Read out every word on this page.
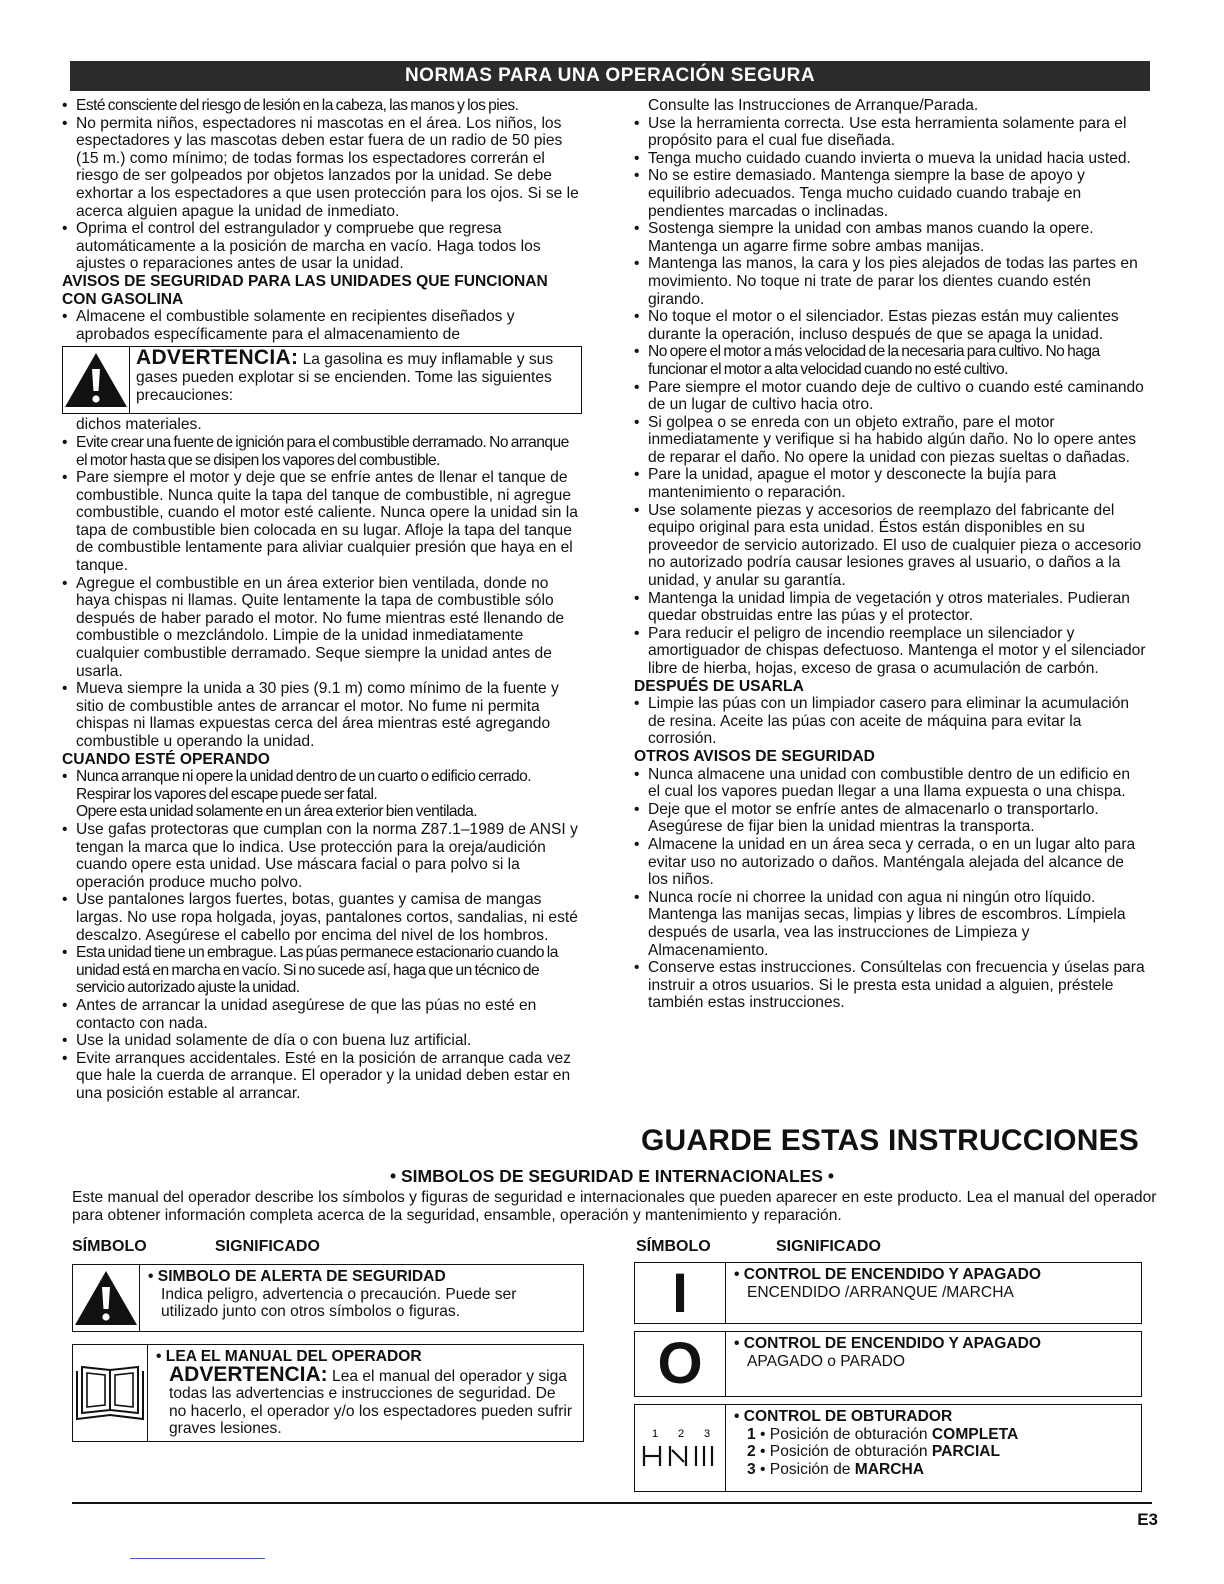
NORMAS PARA UNA OPERACIÓN SEGURA

• Esté consciente del riesgo de lesión en la cabeza, las manos y los pies.

• No permita niños, espectadores ni mascotas en el área. Los niños, los espectadores y las mascotas deben estar fuera de un radio de 50 pies (15 m.) como mínimo; de todas formas los espectadores correrán el riesgo de ser golpeados por objetos lanzados por la unidad. Se debe exhortar a los espectadores a que usen protección para los ojos. Si se le acerca alguien apague la unidad de inmediato.

• Oprima el control del estrangulador y compruebe que regresa automáticamente a la posición de marcha en vacío. Haga todos los ajustes o reparaciones antes de usar la unidad.

AVISOS DE SEGURIDAD PARA LAS UNIDADES QUE FUNCIONAN CON GASOLINA

• Almacene el combustible solamente en recipientes diseñados y aprobados específicamente para el almacenamiento de

ADVERTENCIA: La gasolina es muy inflamable y sus gases pueden explotar si se encienden. Tome las siguientes precauciones:

dichos materiales.

• Evite crear una fuente de ignición para el combustible derramado. No arranque el motor hasta que se disipen los vapores del combustible.

• Pare siempre el motor y deje que se enfríe antes de llenar el tanque de combustible. Nunca quite la tapa del tanque de combustible, ni agregue combustible, cuando el motor esté caliente. Nunca opere la unidad sin la tapa de combustible bien colocada en su lugar. Afloje la tapa del tanque de combustible lentamente para aliviar cualquier presión que haya en el tanque.

• Agregue el combustible en un área exterior bien ventilada, donde no haya chispas ni llamas. Quite lentamente la tapa de combustible sólo después de haber parado el motor. No fume mientras esté llenando de combustible o mezclándolo. Limpie de la unidad inmediatamente cualquier combustible derramado. Seque siempre la unidad antes de usarla.

• Mueva siempre la unida a 30 pies (9.1 m) como mínimo de la fuente y sitio de combustible antes de arrancar el motor. No fume ni permita chispas ni llamas expuestas cerca del área mientras esté agregando combustible u operando la unidad.

CUANDO ESTÉ OPERANDO

• Nunca arranque ni opere la unidad dentro de un cuarto o edificio cerrado. Respirar los vapores del escape puede ser fatal.

Opere esta unidad solamente en un área exterior bien ventilada.

• Use gafas protectoras que cumplan con la norma Z87.1–1989 de ANSI y tengan la marca que lo indica. Use protección para la oreja/audición cuando opere esta unidad. Use máscara facial o para polvo si la operación produce mucho polvo.

• Use pantalones largos fuertes, botas, guantes y camisa de mangas largas. No use ropa holgada, joyas, pantalones cortos, sandalias, ni esté descalzo. Asegúrese el cabello por encima del nivel de los hombros.

• Esta unidad tiene un embrague. Las púas permanece estacionario cuando la unidad está en marcha en vacío. Si no sucede así, haga que un técnico de servicio autorizado ajuste la unidad.

• Antes de arrancar la unidad asegúrese de que las púas no esté en contacto con nada.

• Use la unidad solamente de día o con buena luz artificial.

• Evite arranques accidentales. Esté en la posición de arranque cada vez que hale la cuerda de arranque. El operador y la unidad deben estar en una posición estable al arrancar.

Consulte las Instrucciones de Arranque/Parada.

• Use la herramienta correcta. Use esta herramienta solamente para el propósito para el cual fue diseñada.

• Tenga mucho cuidado cuando invierta o mueva la unidad hacia usted.

• No se estire demasiado. Mantenga siempre la base de apoyo y equilibrio adecuados. Tenga mucho cuidado cuando trabaje en pendientes marcadas o inclinadas.

• Sostenga siempre la unidad con ambas manos cuando la opere. Mantenga un agarre firme sobre ambas manijas.

• Mantenga las manos, la cara y los pies alejados de todas las partes en movimiento. No toque ni trate de parar los dientes cuando estén girando.

• No toque el motor o el silenciador. Estas piezas están muy calientes durante la operación, incluso después de que se apaga la unidad.

• No opere el motor a más velocidad de la necesaria para cultivo. No haga funcionar el motor a alta velocidad cuando no esté cultivo.

• Pare siempre el motor cuando deje de cultivo o cuando esté caminando de un lugar de cultivo hacia otro.

• Si golpea o se enreda con un objeto extraño, pare el motor inmediatamente y verifique si ha habido algún daño. No lo opere antes de reparar el daño. No opere la unidad con piezas sueltas o dañadas.

• Pare la unidad, apague el motor y desconecte la bujía para mantenimiento o reparación.

• Use solamente piezas y accesorios de reemplazo del fabricante del equipo original para esta unidad. Éstos están disponibles en su proveedor de servicio autorizado. El uso de cualquier pieza o accesorio no autorizado podría causar lesiones graves al usuario, o daños a la unidad, y anular su garantía.

• Mantenga la unidad limpia de vegetación y otros materiales. Pudieran quedar obstruidas entre las púas y el protector.

• Para reducir el peligro de incendio reemplace un silenciador y amortiguador de chispas defectuoso. Mantenga el motor y el silenciador libre de hierba, hojas, exceso de grasa o acumulación de carbón.

DESPUÉS DE USARLA

• Limpie las púas con un limpiador casero para eliminar la acumulación de resina. Aceite las púas con aceite de máquina para evitar la corrosión.

OTROS AVISOS DE SEGURIDAD

• Nunca almacene una unidad con combustible dentro de un edificio en el cual los vapores puedan llegar a una llama expuesta o una chispa.

• Deje que el motor se enfríe antes de almacenarlo o transportarlo. Asegúrese de fijar bien la unidad mientras la transporta.

• Almacene la unidad en un área seca y cerrada, o en un lugar alto para evitar uso no autorizado o daños. Manténgala alejada del alcance de los niños.

• Nunca rocíe ni chorree la unidad con agua ni ningún otro líquido. Mantenga las manijas secas, limpias y libres de escombros. Límpiela después de usarla, vea las instrucciones de Limpieza y Almacenamiento.

• Conserve estas instrucciones. Consúltelas con frecuencia y úselas para instruir a otros usuarios. Si le presta esta unidad a alguien, préstele también estas instrucciones.

GUARDE ESTAS INSTRUCCIONES
• SIMBOLOS DE SEGURIDAD E INTERNACIONALES •
Este manual del operador describe los símbolos y figuras de seguridad e internacionales que pueden aparecer en este producto. Lea el manual del operador para obtener información completa acerca de la seguridad, ensamble, operación y mantenimiento y reparación.
SÍMBOLO	SIGNIFICADO	SÍMBOLO	SIGNIFICADO
• SIMBOLO DE ALERTA DE SEGURIDAD
Indica peligro, advertencia o precaución. Puede ser utilizado junto con otros símbolos o figuras.
• LEA EL MANUAL DEL OPERADOR
ADVERTENCIA: Lea el manual del operador y siga todas las advertencias e instrucciones de seguridad. De no hacerlo, el operador y/o los espectadores pueden sufrir graves lesiones.
I	• CONTROL DE ENCENDIDO Y APAGADO
ENCENDIDO /ARRANQUE /MARCHA
O • CONTROL DE ENCENDIDO Y APAGADO
APAGADO o PARADO
1 2 3
• CONTROL DE OBTURADOR
1 • Posición de obturación COMPLETA
2 • Posición de obturación PARCIAL
3 • Posición de MARCHA
E3
